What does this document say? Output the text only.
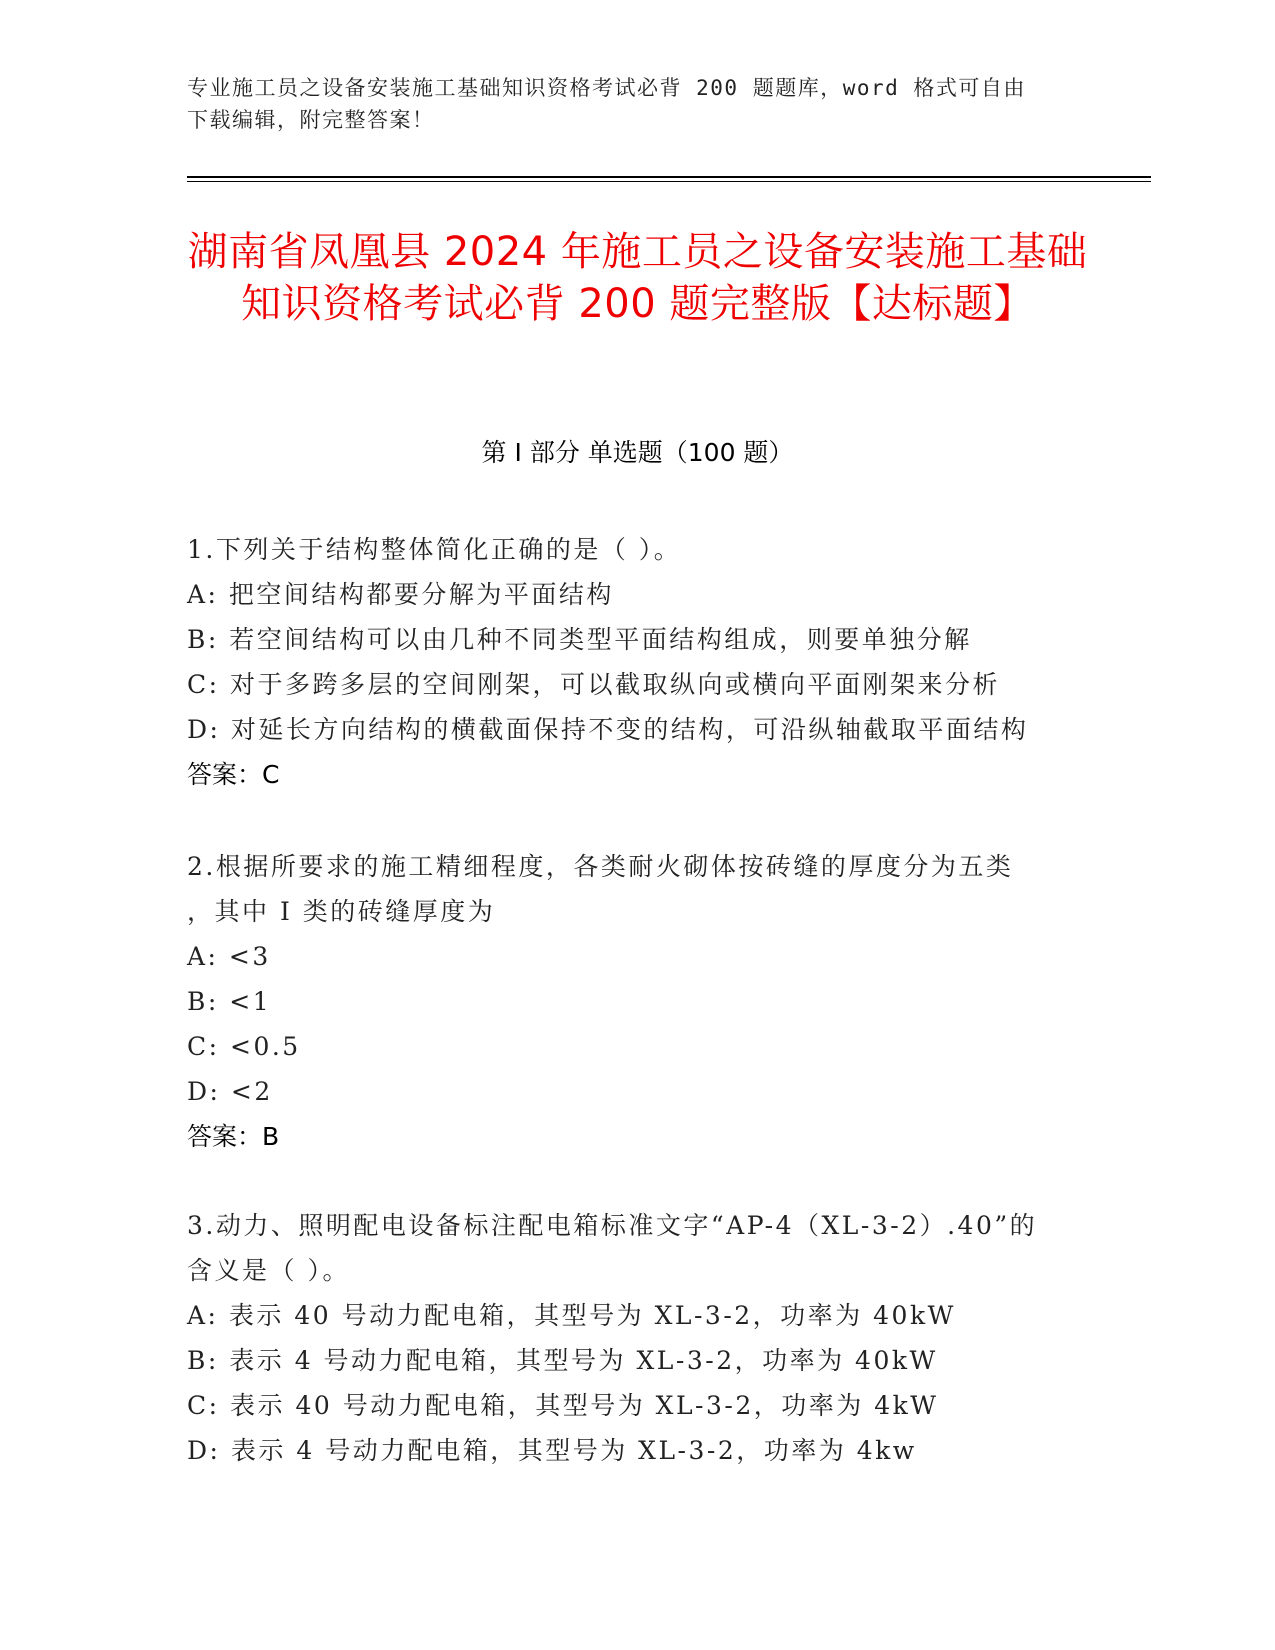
专业施工员之设备安装施工基础知识资格考试必背 200 题题库，word 格式可自由
下载编辑，附完整答案！
湖南省凤凰县 2024 年施工员之设备安装施工基础知识资格考试必背 200 题完整版【达标题】
第 I 部分 单选题（100 题）
1.下列关于结构整体简化正确的是（ ）。
A: 把空间结构都要分解为平面结构
B: 若空间结构可以由几种不同类型平面结构组成，则要单独分解
C: 对于多跨多层的空间刚架，可以截取纵向或横向平面刚架来分析
D: 对延长方向结构的横截面保持不变的结构，可沿纵轴截取平面结构
答案：C
2.根据所要求的施工精细程度，各类耐火砌体按砖缝的厚度分为五类
，其中 I 类的砖缝厚度为
A: <3
B: <1
C: <0.5
D: <2
答案：B
3.动力、照明配电设备标注配电箱标准文字“AP-4（XL-3-2）.40”的
含义是（ ）。
A: 表示 40 号动力配电箱，其型号为 XL-3-2，功率为 40kW
B: 表示 4 号动力配电箱，其型号为 XL-3-2，功率为 40kW
C: 表示 40 号动力配电箱，其型号为 XL-3-2，功率为 4kW
D: 表示 4 号动力配电箱，其型号为 XL-3-2，功率为 4kw
